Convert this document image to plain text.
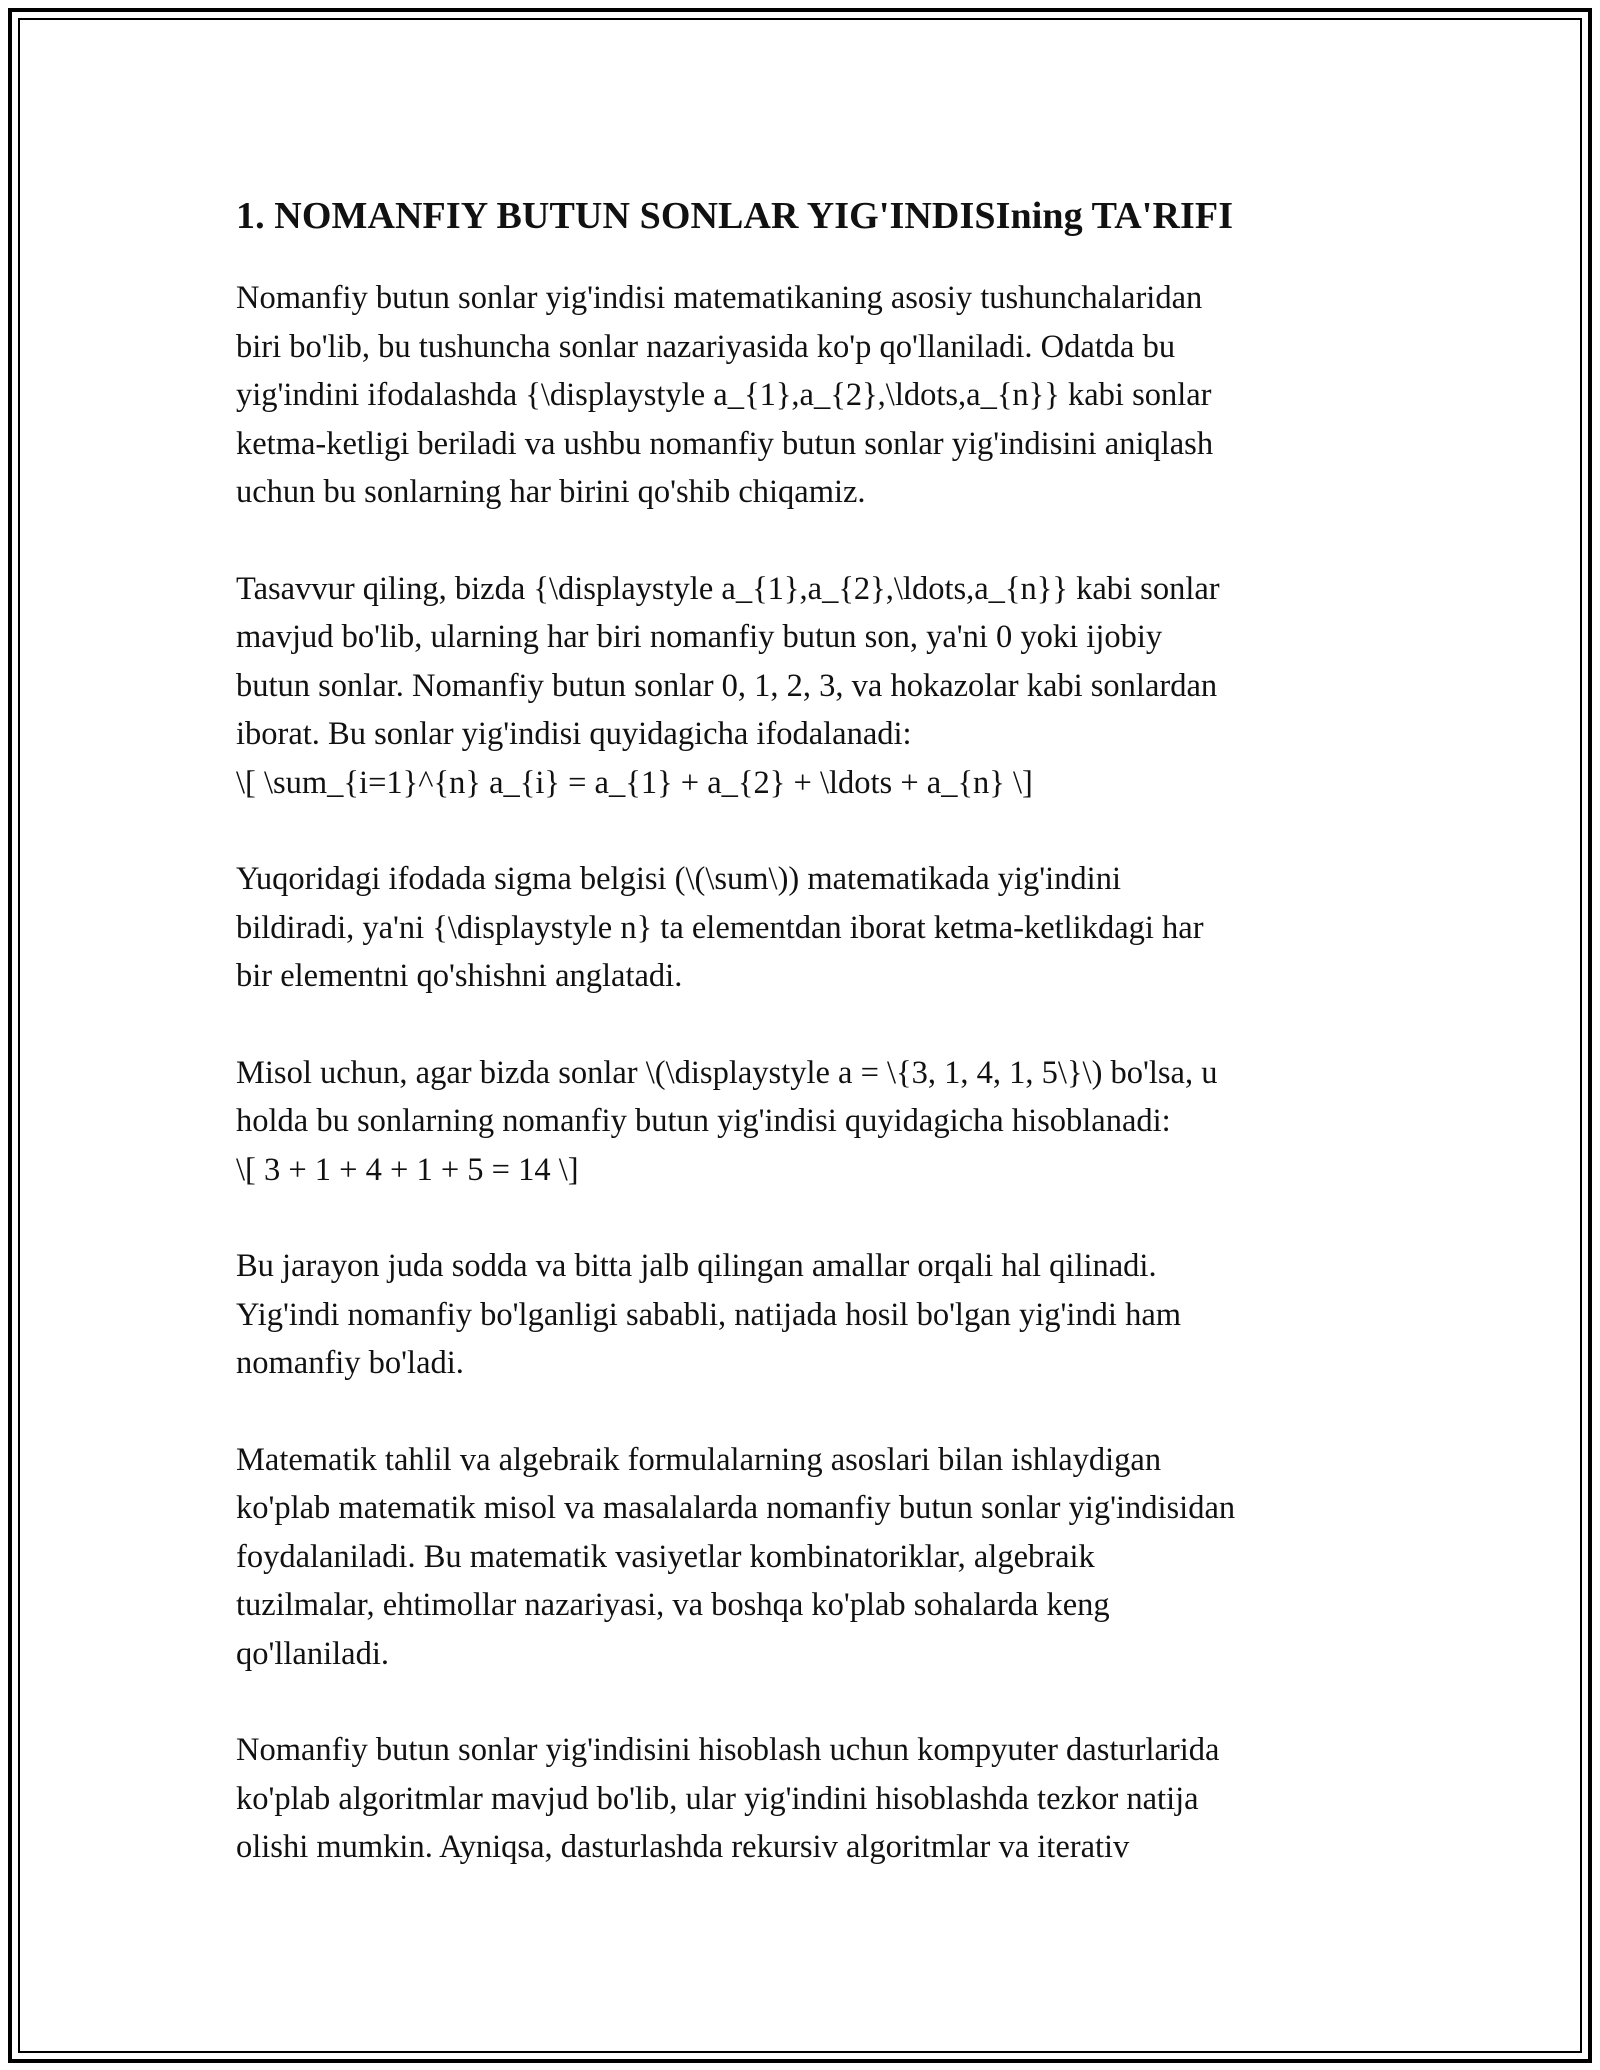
1. NOMANFIY BUTUN SONLAR YIG'INDISIning TA'RIFI

Nomanfiy butun sonlar yig'indisi matematikaning asosiy tushunchalaridan
biri bo'lib, bu tushuncha sonlar nazariyasida ko'p qo'llaniladi. Odatda bu
yig'indini ifodalashda {\displaystyle a_{1},a_{2},\ldots,a_{n}} kabi sonlar
ketma-ketligi beriladi va ushbu nomanfiy butun sonlar yig'indisini aniqlash
uchun bu sonlarning har birini qo'shib chiqamiz.

Tasavvur qiling, bizda {\displaystyle a_{1},a_{2},\ldots,a_{n}} kabi sonlar
mavjud bo'lib, ularning har biri nomanfiy butun son, ya'ni 0 yoki ijobiy
butun sonlar. Nomanfiy butun sonlar 0, 1, 2, 3, va hokazolar kabi sonlardan
iborat. Bu sonlar yig'indisi quyidagicha ifodalanadi:
\[ \sum_{i=1}^{n} a_{i} = a_{1} + a_{2} + \ldots + a_{n} \]

Yuqoridagi ifodada sigma belgisi (\(\sum\)) matematikada yig'indini
bildiradi, ya'ni {\displaystyle n} ta elementdan iborat ketma-ketlikdagi har
bir elementni qo'shishni anglatadi.

Misol uchun, agar bizda sonlar \(\displaystyle a = \{3, 1, 4, 1, 5\}\) bo'lsa, u
holda bu sonlarning nomanfiy butun yig'indisi quyidagicha hisoblanadi:
\[ 3 + 1 + 4 + 1 + 5 = 14 \]

Bu jarayon juda sodda va bitta jalb qilingan amallar orqali hal qilinadi.
Yig'indi nomanfiy bo'lganligi sababli, natijada hosil bo'lgan yig'indi ham
nomanfiy bo'ladi.

Matematik tahlil va algebraik formulalarning asoslari bilan ishlaydigan
ko'plab matematik misol va masalalarda nomanfiy butun sonlar yig'indisidan
foydalaniladi. Bu matematik vasiyetlar kombinatoriklar, algebraik
tuzilmalar, ehtimollar nazariyasi, va boshqa ko'plab sohalarda keng
qo'llaniladi.

Nomanfiy butun sonlar yig'indisini hisoblash uchun kompyuter dasturlarida
ko'plab algoritmlar mavjud bo'lib, ular yig'indini hisoblashda tezkor natija
olishi mumkin. Ayniqsa, dasturlashda rekursiv algoritmlar va iterativ
